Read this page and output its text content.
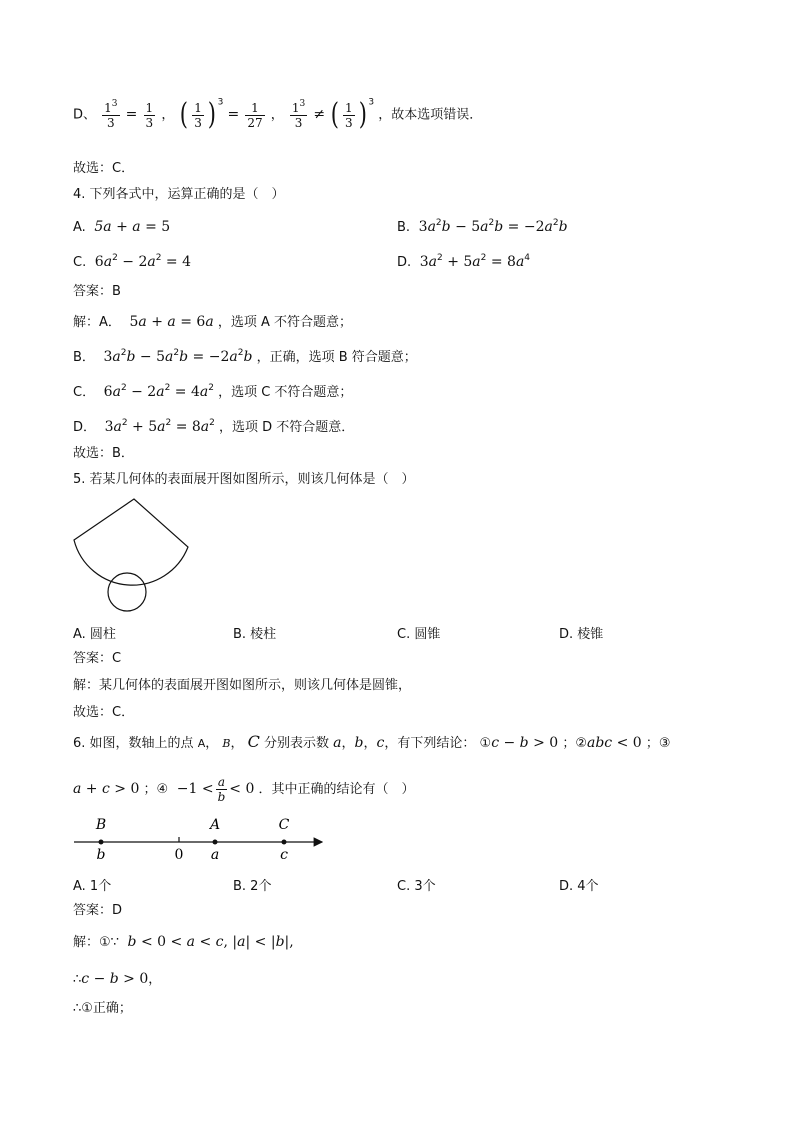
D、 $\frac{1^3}{3} = \frac{1}{3}$ ， ( $\frac{1}{3}$ ) $^3 = \frac{1}{27}$ ， $\frac{1^3}{3}$ ≠ ( $\frac{1}{3}$ ) $^3$ ，故本选项错误．
故选：C．
4. 下列各式中，运算正确的是（　）
A.  5a + a = 5	B.  $3a^2b - 5a^2b = -2a^2b$
C.  $6a^2 - 2a^2 = 4$	D.  $3a^2 + 5a^2 = 8a^4$
答案：B
解：A．  5a + a = 6a ，选项 A 不符合题意；
B．  $3a^2b - 5a^2b = -2a^2b$ ，正确，选项 B 符合题意；
C．  $6a^2 - 2a^2 = 4a^2$ ，选项 C 不符合题意；
D．  $3a^2 + 5a^2 = 8a^2$ ，选项 D 不符合题意．
故选：B．
5. 若某几何体的表面展开图如图所示，则该几何体是（　）
A. 圆柱	B. 棱柱	C. 圆锥	D. 棱锥
答案：C
解：某几何体的表面展开图如图所示，则该几何体是圆锥，
故选：C．
6. 如图，数轴上的点 A， B， C 分别表示数 a，b，c，有下列结论： ①c − b > 0 ；②abc < 0 ；③
a + c > 0 ；④  $-1 < \frac{a}{b} < 0$ ．其中正确的结论有（　）
B	A	C
b	0 a	c
A. 1个	B. 2个	C. 3个	D. 4个
答案：D
解：①∵  b < 0 < a < c, |a| < |b|,
∴c − b > 0，
∴①正确；
